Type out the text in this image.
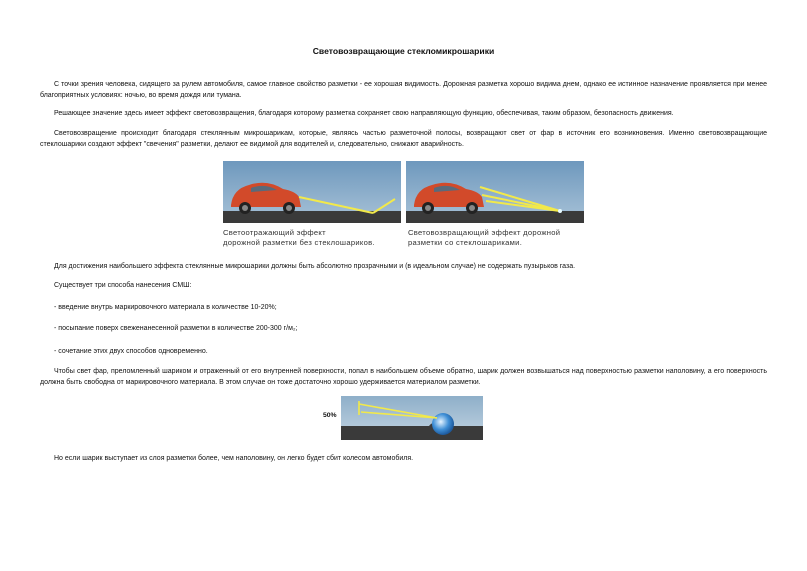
Световозвращающие стекломикрошарики

С точки зрения человека, сидящего за рулем автомобиля, самое главное свойство разметки - ее хорошая видимость. Дорожная разметка хорошо видима днем, однако ее истинное назначение проявляется при менее благоприятных условиях: ночью, во время дождя или тумана.

Решающее значение здесь имеет эффект световозвращения, благодаря которому разметка сохраняет свою направляющую функцию, обеспечивая, таким образом, безопасность движения.

Световозвращение происходит благодаря стеклянным микрошарикам, которые, являясь частью разметочной полосы, возвращают свет от фар в источник его возникновения. Именно световозвращающие стеклошарики создают эффект "свечения" разметки, делают ее видимой для водителей и, следовательно, снижают аварийность.

Светоотражающий эффект
дорожной разметки без стеклошариков.
Световозвращающий эффект дорожной
разметки со стеклошариками.

Для достижения наибольшего эффекта стеклянные микрошарики должны быть абсолютно прозрачными и (в идеальном случае) не содержать пузырьков газа.

Существует три способа нанесения СМШ:

- введение внутрь маркировочного материала в количестве 10-20%;
- посыпание поверх свеженанесенной разметки в количестве 200-300 г/м₂;
- сочетание этих двух способов одновременно.

Чтобы свет фар, преломленный шариком и отраженный от его внутренней поверхности, попал в наибольшем объеме обратно, шарик должен возвышаться над поверхностью разметки наполовину, а его поверхность должна быть свободна от маркировочного материала. В этом случае он тоже достаточно хорошо удерживается материалом разметки.

50%

Но если шарик выступает из слоя разметки более, чем наполовину, он легко будет сбит колесом автомобиля.
